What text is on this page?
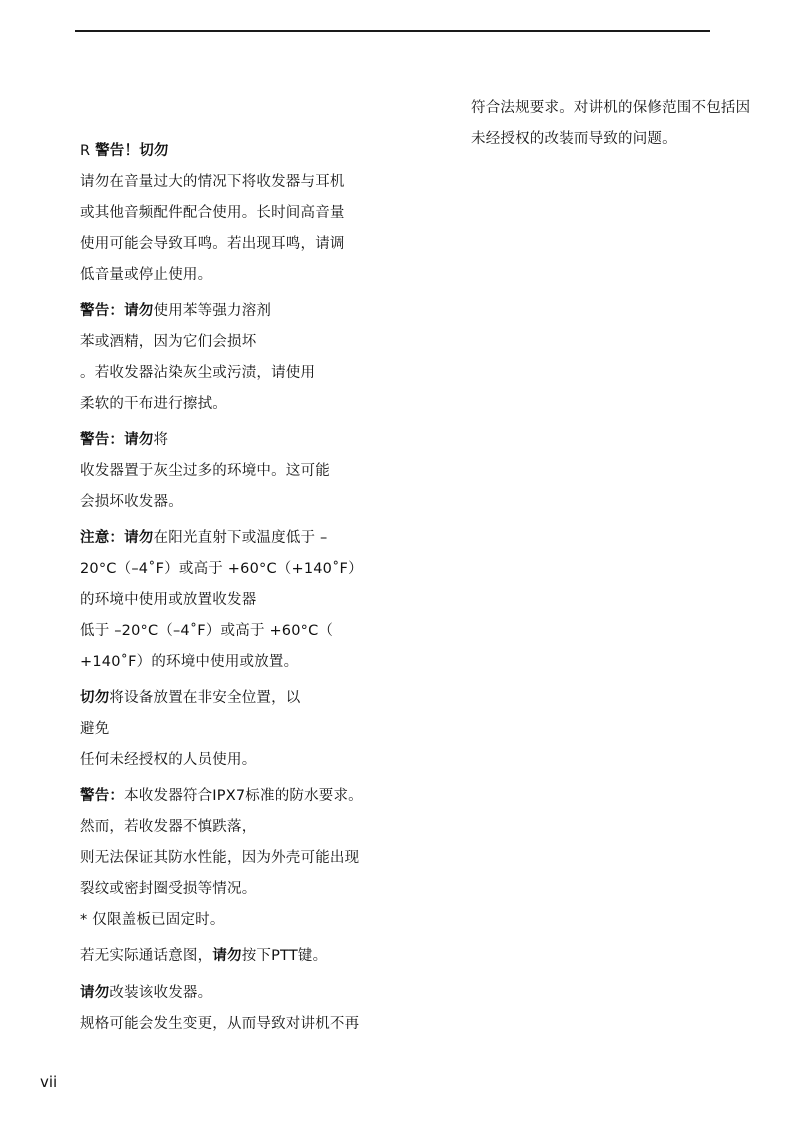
符合法规要求。对讲机的保修范围不包括因
未经授权的改装而导致的问题。
R 警告！切勿
请勿在音量过大的情况下将收发器与耳机
或其他音频配件配合使用。长时间高音量
使用可能会导致耳鸣。若出现耳鸣，请调
低音量或停止使用。
警告：请勿使用苯等强力溶剂
苯或酒精，因为它们会损坏
。若收发器沾染灰尘或污渍，请使用
柔软的干布进行擦拭。
警告：请勿将
收发器置于灰尘过多的环境中。这可能
会损坏收发器。
注意：请勿在阳光直射下或温度低于 –
20°C（–4˚F）或高于 +60°C（+140˚F）
的环境中使用或放置收发器
低于 –20°C（–4˚F）或高于 +60°C（
+140˚F）的环境中使用或放置。
切勿将设备放置在非安全位置，以
避免
任何未经授权的人员使用。
警告：本收发器符合IPX7标准的防水要求。
然而，若收发器不慎跌落，
则无法保证其防水性能，因为外壳可能出现
裂纹或密封圈受损等情况。
* 仅限盖板已固定时。
若无实际通话意图，请勿按下PTT键。
请勿改装该收发器。
规格可能会发生变更，从而导致对讲机不再
vii
